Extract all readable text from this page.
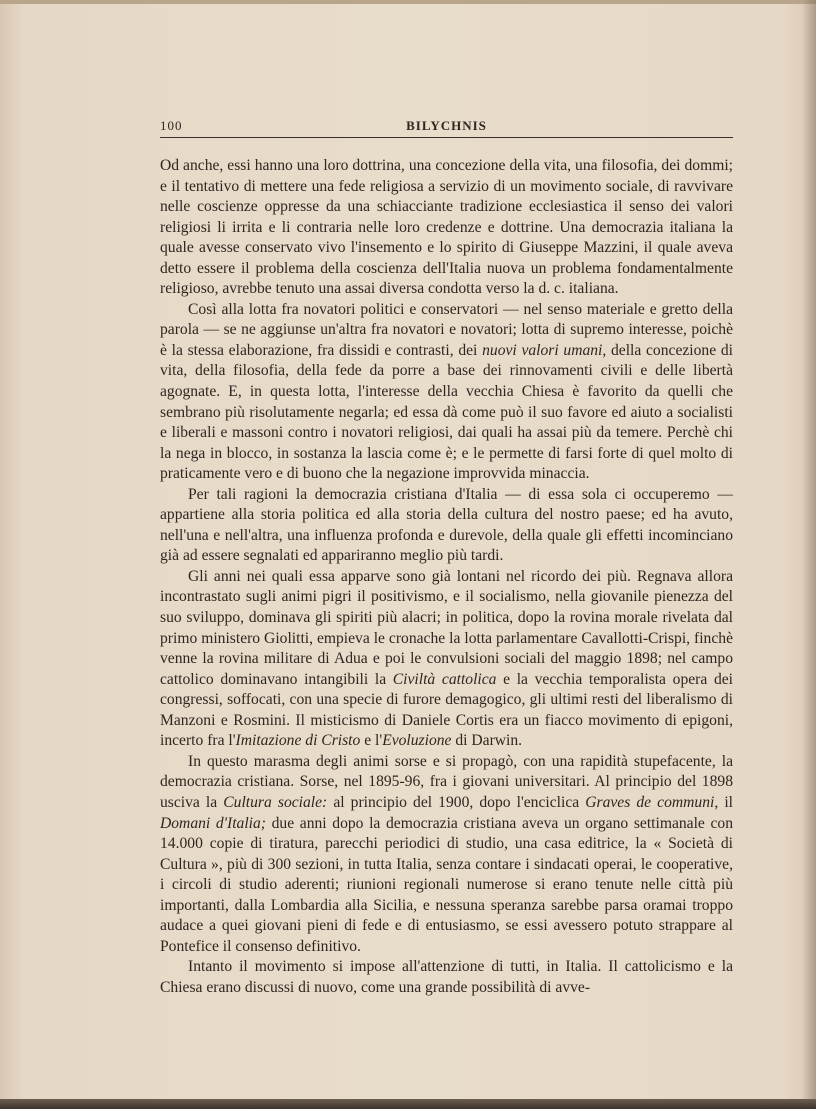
100	BILYCHNIS

Od anche, essi hanno una loro dottrina, una concezione della vita, una filosofia, dei dommi; e il tentativo di mettere una fede religiosa a servizio di un movimento sociale, di ravvivare nelle coscienze oppresse da una schiacciante tradizione ecclesiastica il senso dei valori religiosi li irrita e li contraria nelle loro credenze e dottrine. Una democrazia italiana la quale avesse conservato vivo l'insemento e lo spirito di Giuseppe Mazzini, il quale aveva detto essere il problema della coscienza dell'Italia nuova un problema fondamentalmente religioso, avrebbe tenuto una assai diversa condotta verso la d. c. italiana.

Così alla lotta fra novatori politici e conservatori — nel senso materiale e gretto della parola — se ne aggiunse un'altra fra novatori e novatori; lotta di supremo interesse, poichè è la stessa elaborazione, fra dissidi e contrasti, dei nuovi valori umani, della concezione di vita, della filosofia, della fede da porre a base dei rinnovamenti civili e delle libertà agognate. E, in questa lotta, l'interesse della vecchia Chiesa è favorito da quelli che sembrano più risolutamente negarla; ed essa dà come può il suo favore ed aiuto a socialisti e liberali e massoni contro i novatori religiosi, dai quali ha assai più da temere. Perchè chi la nega in blocco, in sostanza la lascia come è; e le permette di farsi forte di quel molto di praticamente vero e di buono che la negazione improvvida minaccia.

Per tali ragioni la democrazia cristiana d'Italia — di essa sola ci occuperemo — appartiene alla storia politica ed alla storia della cultura del nostro paese; ed ha avuto, nell'una e nell'altra, una influenza profonda e durevole, della quale gli effetti incominciano già ad essere segnalati ed appariranno meglio più tardi.

Gli anni nei quali essa apparve sono già lontani nel ricordo dei più. Regnava allora incontrastato sugli animi pigri il positivismo, e il socialismo, nella giovanile pienezza del suo sviluppo, dominava gli spiriti più alacri; in politica, dopo la rovina morale rivelata dal primo ministero Giolitti, empieva le cronache la lotta parlamentare Cavallotti-Crispi, finchè venne la rovina militare di Adua e poi le convulsioni sociali del maggio 1898; nel campo cattolico dominavano intangibili la Civiltà cattolica e la vecchia temporalista opera dei congressi, soffocati, con una specie di furore demagogico, gli ultimi resti del liberalismo di Manzoni e Rosmini. Il misticismo di Daniele Cortis era un fiacco movimento di epigoni, incerto fra l'Imitazione di Cristo e l'Evoluzione di Darwin.

In questo marasma degli animi sorse e si propagò, con una rapidità stupefacente, la democrazia cristiana. Sorse, nel 1895-96, fra i giovani universitari. Al principio del 1898 usciva la Cultura sociale: al principio del 1900, dopo l'enciclica Graves de communi, il Domani d'Italia; due anni dopo la democrazia cristiana aveva un organo settimanale con 14.000 copie di tiratura, parecchi periodici di studio, una casa editrice, la « Società di Cultura », più di 300 sezioni, in tutta Italia, senza contare i sindacati operai, le cooperative, i circoli di studio aderenti; riunioni regionali numerose si erano tenute nelle città più importanti, dalla Lombardia alla Sicilia, e nessuna speranza sarebbe parsa oramai troppo audace a quei giovani pieni di fede e di entusiasmo, se essi avessero potuto strappare al Pontefice il consenso definitivo.

Intanto il movimento si impose all'attenzione di tutti, in Italia. Il cattolicismo e la Chiesa erano discussi di nuovo, come una grande possibilità di avve-
